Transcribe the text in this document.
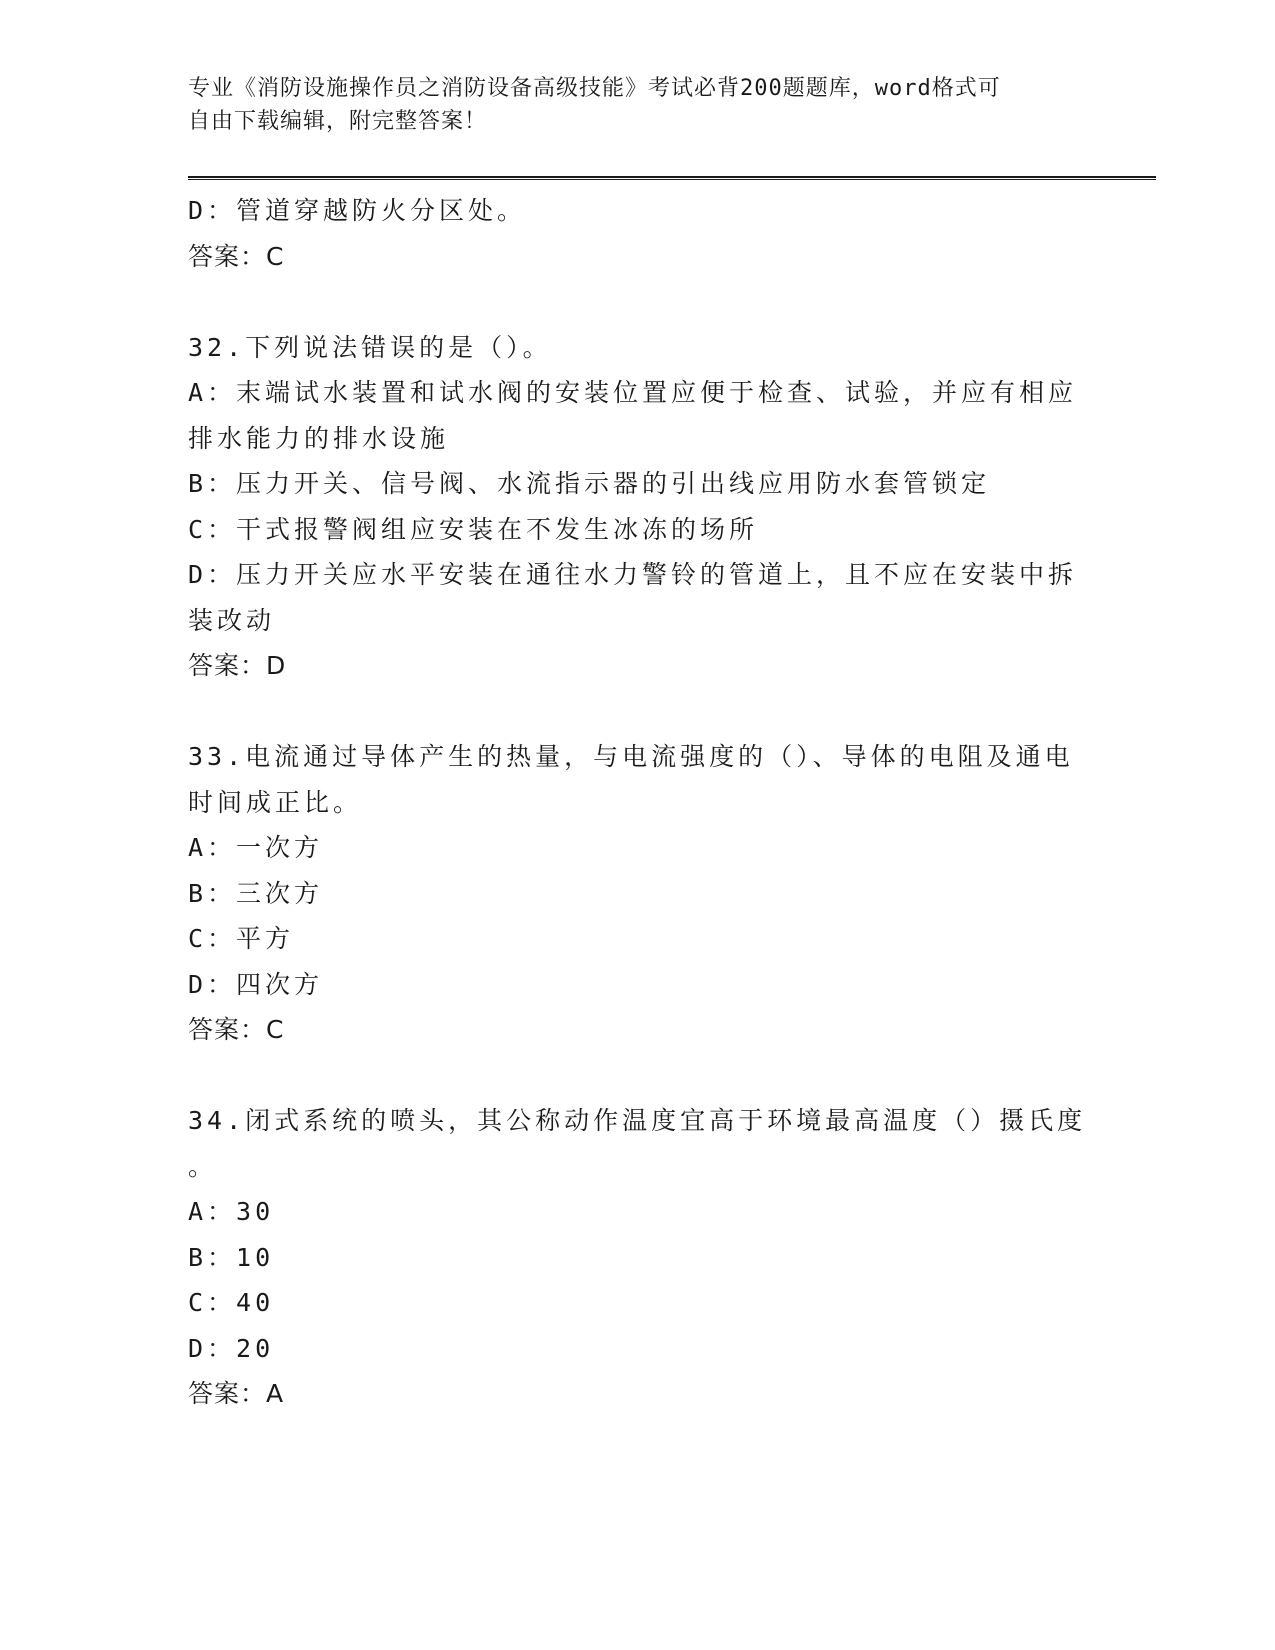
专业《消防设施操作员之消防设备高级技能》考试必背200题题库，word格式可
自由下载编辑，附完整答案！
D：管道穿越防火分区处。
答案：C
32.下列说法错误的是（）。
A：末端试水装置和试水阀的安装位置应便于检查、试验，并应有相应
排水能力的排水设施
B：压力开关、信号阀、水流指示器的引出线应用防水套管锁定
C：干式报警阀组应安装在不发生冰冻的场所
D：压力开关应水平安装在通往水力警铃的管道上，且不应在安装中拆
装改动
答案：D
33.电流通过导体产生的热量，与电流强度的（）、导体的电阻及通电
时间成正比。
A：一次方
B：三次方
C：平方
D：四次方
答案：C
34.闭式系统的喷头，其公称动作温度宜高于环境最高温度（）摄氏度
。
A：30
B：10
C：40
D：20
答案：A
